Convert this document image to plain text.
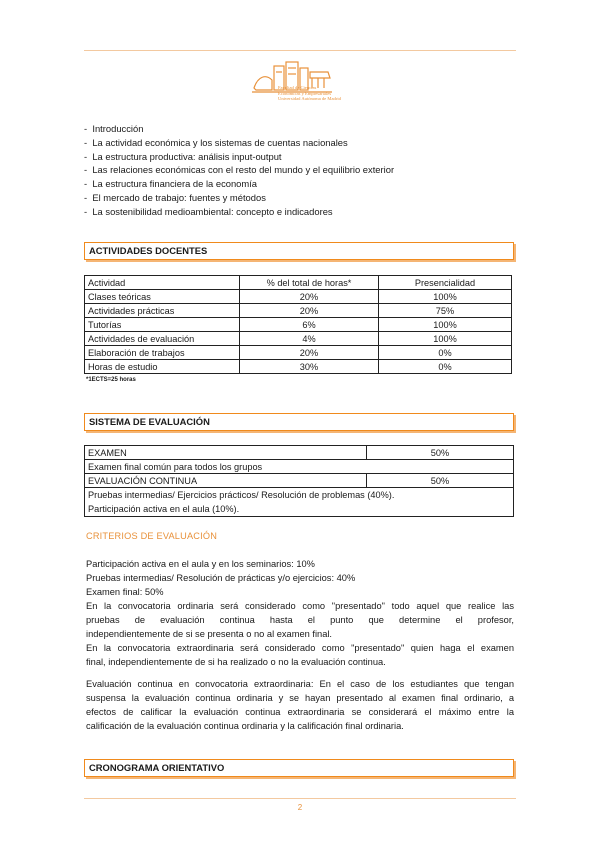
Facultad de Ciencias
Económicas y Empresariales
Universidad Autónoma de Madrid
-  Introducción
-  La actividad económica y los sistemas de cuentas nacionales
-  La estructura productiva: análisis input-output
-  Las relaciones económicas con el resto del mundo y el equilibrio exterior
-  La estructura financiera de la economía
-  El mercado de trabajo: fuentes y métodos
-  La sostenibilidad medioambiental: concepto e indicadores
ACTIVIDADES DOCENTES
Actividad	% del total de horas*	Presencialidad
Clases teóricas	20%	100%
Actividades prácticas	20%	75%
Tutorías	6%	100%
Actividades de evaluación	4%	100%
Elaboración de trabajos	20%	0%
Horas de estudio	30%	0%
*1ECTS=25 horas
SISTEMA DE EVALUACIÓN
EXAMEN	50%
Examen final común para todos los grupos	
EVALUACIÓN CONTINUA	50%

Pruebas intermedias/ Ejercicios prácticos/ Resolución de problemas (40%).
Participación activa en el aula (10%).	
CRITERIOS DE EVALUACIÓN
Participación activa en el aula y en los seminarios: 10%
Pruebas intermedias/ Resolución de prácticas y/o ejercicios: 40%
Examen final: 50%
En la convocatoria ordinaria será considerado como "presentado" todo aquel que realice las
pruebas de evaluación continua hasta el punto que determine el profesor,
independientemente de si se presenta o no al examen final.
En la convocatoria extraordinaria será considerado como "presentado" quien haga el examen
final, independientemente de si ha realizado o no la evaluación continua.
Evaluación continua en convocatoria extraordinaria: En el caso de los estudiantes que tengan
suspensa la evaluación continua ordinaria y se hayan presentado al examen final ordinario, a
efectos de calificar la evaluación continua extraordinaria se considerará el máximo entre la
calificación de la evaluación continua ordinaria y la calificación final ordinaria.
CRONOGRAMA ORIENTATIVO
2
